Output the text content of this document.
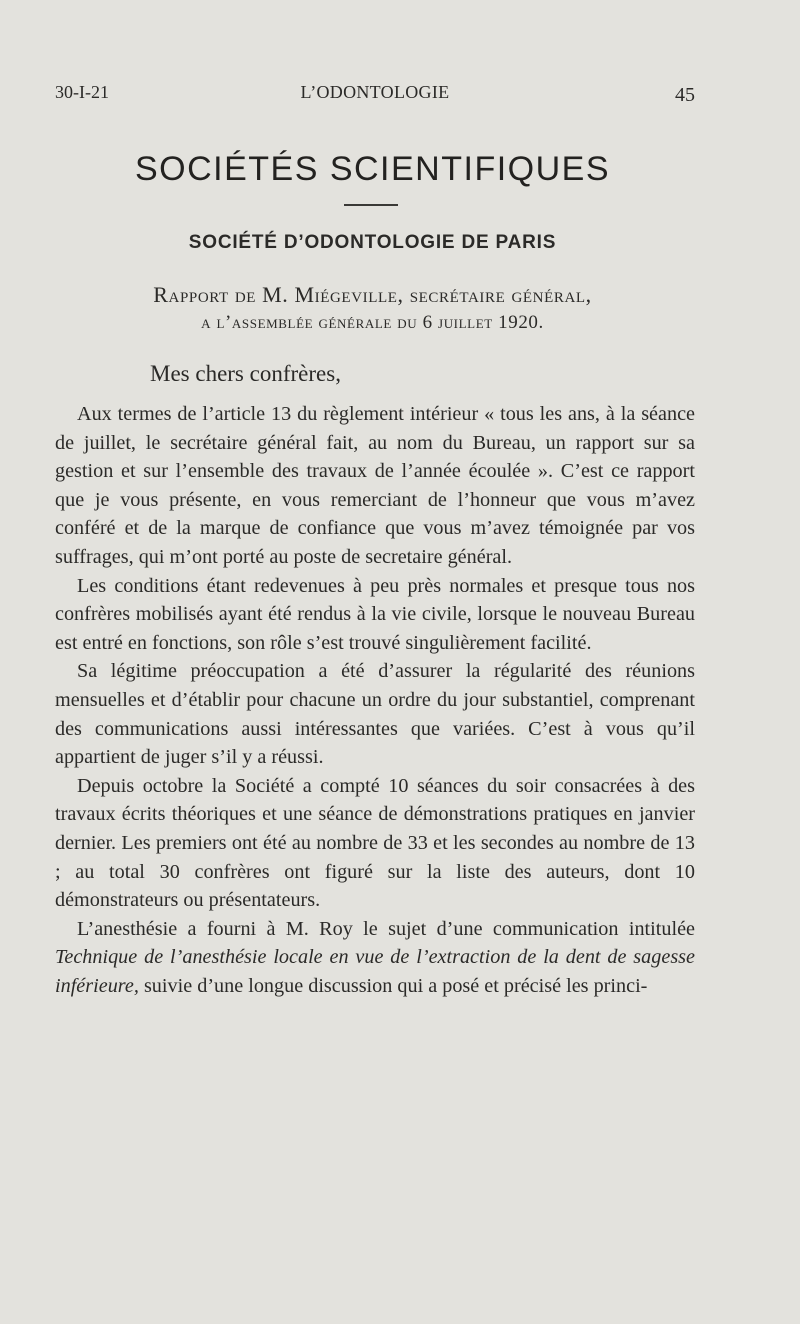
30-I-21	L’ODONTOLOGIE	45
SOCIÉTÉS SCIENTIFIQUES
SOCIÉTÉ D’ODONTOLOGIE DE PARIS
Rapport de M. Miégeville, secrétaire général,
a l’assemblée générale du 6 juillet 1920.
Mes chers confrères,

Aux termes de l’article 13 du règlement intérieur « tous les ans, à la séance de juillet, le secrétaire général fait, au nom du Bureau, un rapport sur sa gestion et sur l’ensemble des travaux de l’année écoulée ». C’est ce rapport que je vous présente, en vous remerciant de l’honneur que vous m’avez conféré et de la marque de confiance que vous m’avez témoignée par vos suffrages, qui m’ont porté au poste de secretaire général.

Les conditions étant redevenues à peu près normales et presque tous nos confrères mobilisés ayant été rendus à la vie civile, lorsque le nouveau Bureau est entré en fonctions, son rôle s’est trouvé singulièrement facilité.

Sa légitime préoccupation a été d’assurer la régularité des réunions mensuelles et d’établir pour chacune un ordre du jour substantiel, comprenant des communications aussi intéressantes que variées. C’est à vous qu’il appartient de juger s’il y a réussi.

Depuis octobre la Société a compté 10 séances du soir consacrées à des travaux écrits théoriques et une séance de démonstrations pratiques en janvier dernier. Les premiers ont été au nombre de 33 et les secondes au nombre de 13 ; au total 30 confrères ont figuré sur la liste des auteurs, dont 10 démonstrateurs ou présentateurs.

L’anesthésie a fourni à M. Roy le sujet d’une communication intitulée Technique de l’anesthésie locale en vue de l’extraction de la dent de sagesse inférieure, suivie d’une longue discussion qui a posé et précisé les princi-
